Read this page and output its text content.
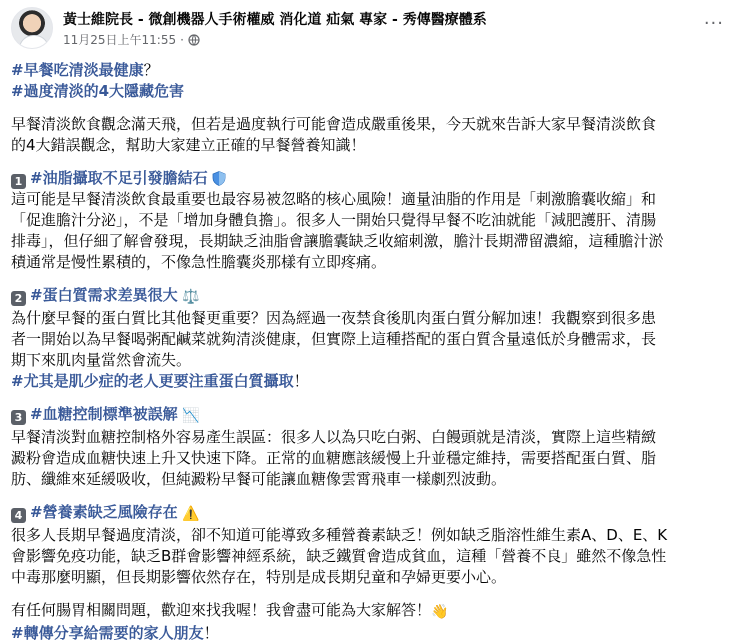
黃士維院長 - 微創機器人手術權威 消化道 疝氣 專家 - 秀傳醫療體系
11月25日上午11:55 ·
···

#早餐吃清淡最健康？

#過度清淡的4大隱藏危害

早餐清淡飲食觀念滿天飛，但若是過度執行可能會造成嚴重後果，今天就來告訴大家早餐清淡飲食

的4大錯誤觀念，幫助大家建立正確的早餐營養知識！

1 #油脂攝取不足引發膽結石

這可能是早餐清淡飲食最重要也最容易被忽略的核心風險！適量油脂的作用是「刺激膽囊收縮」和

「促進膽汁分泌」，不是「增加身體負擔」。很多人一開始只覺得早餐不吃油就能「減肥護肝、清腸

排毒」，但仔細了解會發現，長期缺乏油脂會讓膽囊缺乏收縮刺激，膽汁長期滯留濃縮，這種膽汁淤

積通常是慢性累積的，不像急性膽囊炎那樣有立即疼痛。

2 #蛋白質需求差異很大 ⚖️

為什麼早餐的蛋白質比其他餐更重要？因為經過一夜禁食後肌肉蛋白質分解加速！我觀察到很多患

者一開始以為早餐喝粥配鹹菜就夠清淡健康，但實際上這種搭配的蛋白質含量遠低於身體需求，長

期下來肌肉量當然會流失。

#尤其是肌少症的老人更要注重蛋白質攝取！

3 #血糖控制標準被誤解 📉

早餐清淡對血糖控制格外容易產生誤區：很多人以為只吃白粥、白饅頭就是清淡，實際上這些精緻

澱粉會造成血糖快速上升又快速下降。正常的血糖應該緩慢上升並穩定維持，需要搭配蛋白質、脂

肪、纖維來延緩吸收，但純澱粉早餐可能讓血糖像雲霄飛車一樣劇烈波動。

4 #營養素缺乏風險存在 ⚠️

很多人長期早餐過度清淡，卻不知道可能導致多種營養素缺乏！例如缺乏脂溶性維生素A、D、E、K

會影響免疫功能，缺乏B群會影響神經系統，缺乏鐵質會造成貧血，這種「營養不良」雖然不像急性

中毒那麼明顯，但長期影響依然存在，特別是成長期兒童和孕婦更要小心。

有任何腸胃相關問題，歡迎來找我喔！我會盡可能為大家解答！👋

#轉傳分享給需要的家人朋友！
